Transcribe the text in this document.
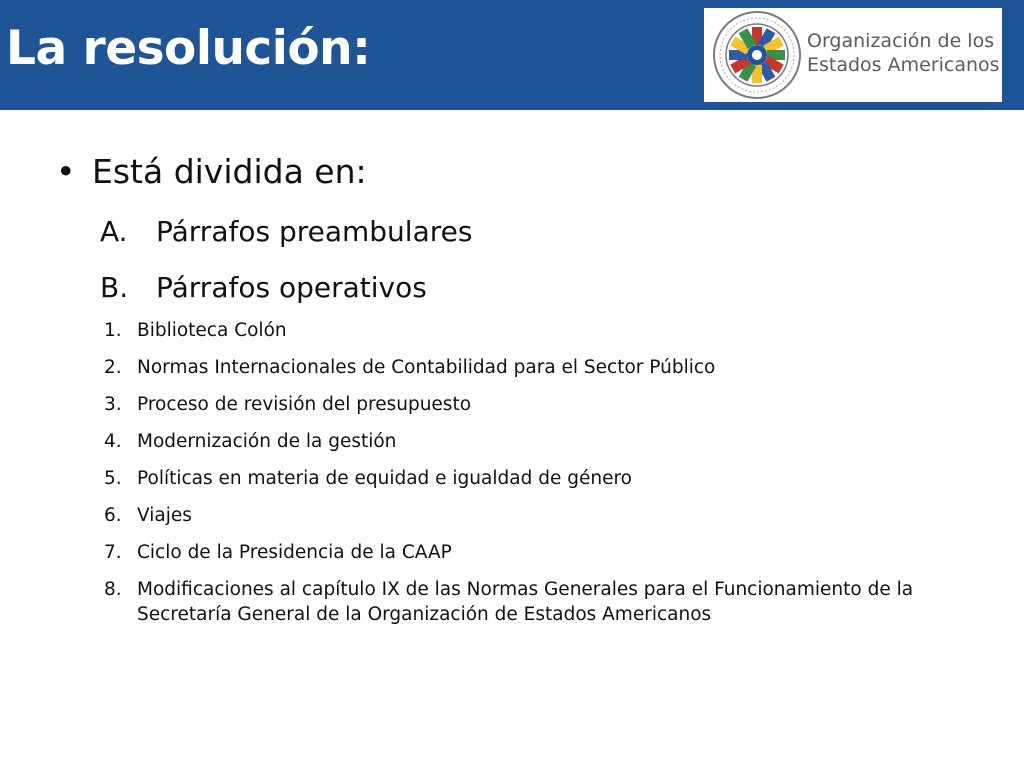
La resolución:	Organización de los
Estados Americanos
• Está dividida en:
A. Párrafos preambulares
B. Párrafos operativos
1. Biblioteca Colón
2. Normas Internacionales de Contabilidad para el Sector Público
3. Proceso de revisión del presupuesto
4. Modernización de la gestión
5. Políticas en materia de equidad e igualdad de género
6. Viajes
7. Ciclo de la Presidencia de la CAAP
8. Modificaciones al capítulo IX de las Normas Generales para el Funcionamiento de la Secretaría General de la Organización de Estados Americanos
